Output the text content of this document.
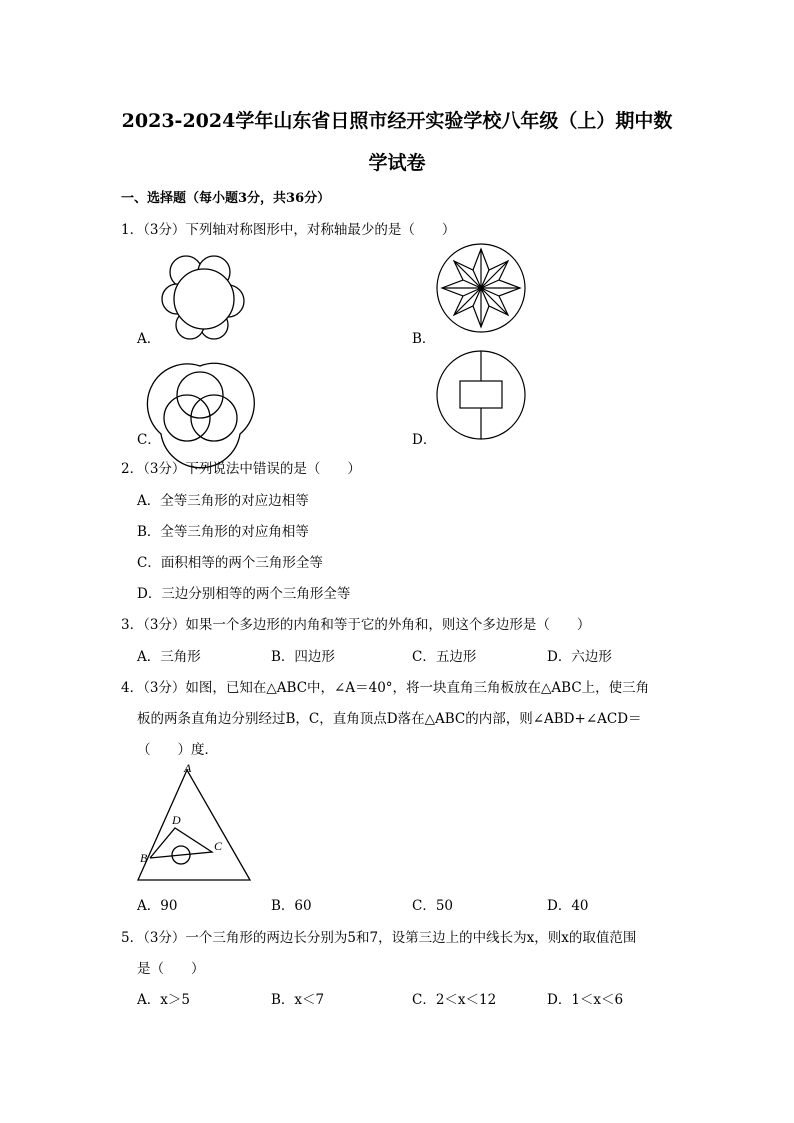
2023-2024学年山东省日照市经开实验学校八年级（上）期中数
学试卷
一、选择题（每小题3分，共36分）
1．（3分）下列轴对称图形中，对称轴最少的是（　　）
A．	B．
C．	D．
2．（3分）下列说法中错误的是（　　）
A．全等三角形的对应边相等
B．全等三角形的对应角相等
C．面积相等的两个三角形全等
D．三边分别相等的两个三角形全等
3．（3分）如果一个多边形的内角和等于它的外角和，则这个多边形是（　　）
A．三角形	B．四边形	C．五边形	D．六边形
4．（3分）如图，已知在△ABC中，∠A＝40°，将一块直角三角板放在△ABC上，使三角
板的两条直角边分别经过B，C，直角顶点D落在△ABC的内部，则∠ABD+∠ACD＝
（　　）度．
A
B
C
D
A．90	B．60	C．50	D．40
5．（3分）一个三角形的两边长分别为5和7，设第三边上的中线长为x，则x的取值范围
是（　　）
A．x＞5	B．x＜7	C．2＜x＜12	D．1＜x＜6
